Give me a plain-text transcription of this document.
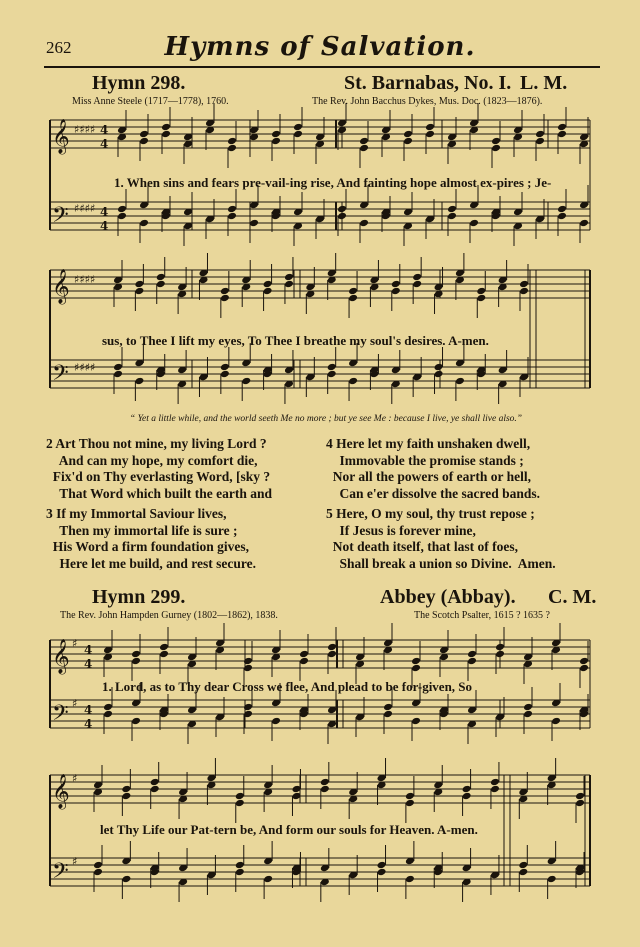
262	Hymns of Salvation.
Hymn 298.	St. Barnabas, No. I. L. M.
Miss Anne Steele (1717—1778), 1760.	The Rev. John Bacchus Dykes, Mus. Doc. (1823—1876).
𝄞
𝄢
𝄞
𝄢
𝄞
𝄢
𝄞
𝄢
♯♯♯♯
♯♯♯♯
♯♯♯♯
♯♯♯♯
4
4
4
4
♯
♯
♯
♯
4
4
4
4
1. When sins and fears pre-vail-ing rise, And fainting hope almost ex-pires ; Je-
sus, to Thee I lift my eyes, To Thee I breathe my soul's desires. A-men.
“ Yet a little while, and the world seeth Me no more ; but ye see Me : because I live, ye shall live also.”
2 Art Thou not mine, my living Lord ?
And can my hope, my comfort die,
Fix'd on Thy everlasting Word, [sky ?
That Word which built the earth and
4 Here let my faith unshaken dwell,
Immovable the promise stands ;
Nor all the powers of earth or hell,
Can e'er dissolve the sacred bands.
3 If my Immortal Saviour lives,
Then my immortal life is sure ;
His Word a firm foundation gives,
Here let me build, and rest secure.
5 Here, O my soul, thy trust repose ;
If Jesus is forever mine,
Not death itself, that last of foes,
Shall break a union so Divine.  Amen.
Hymn 299.	Abbey (Abbay). C. M.
The Rev. John Hampden Gurney (1802—1862), 1838.	The Scotch Psalter, 1615 ? 1635 ?
1. Lord, as to Thy dear Cross we flee, And plead to be for-given, So
let Thy Life our Pat-tern be, And form our souls for Heaven. A-men.
